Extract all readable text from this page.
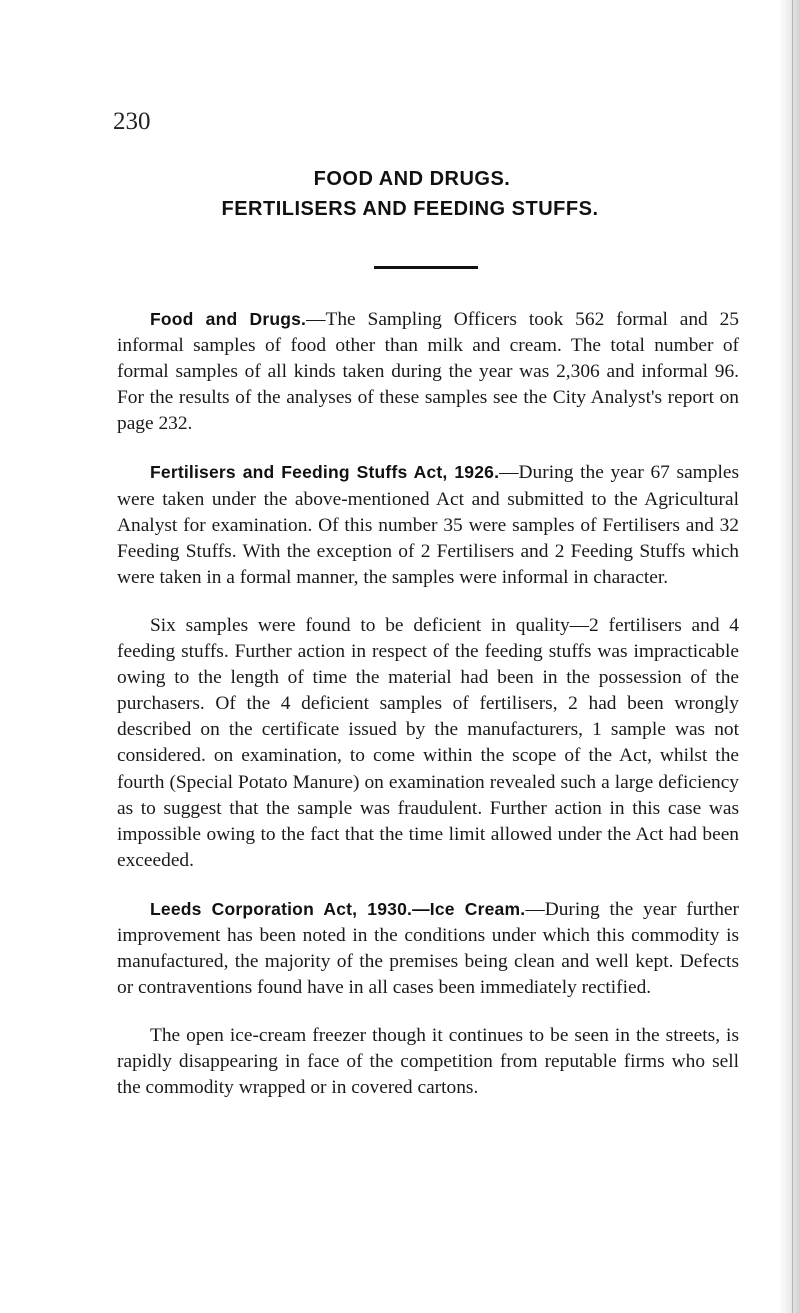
230
FOOD AND DRUGS.
FERTILISERS AND FEEDING STUFFS.

Food and Drugs.—The Sampling Officers took 562 formal and 25 informal samples of food other than milk and cream. The total number of formal samples of all kinds taken during the year was 2,306 and informal 96. For the results of the analyses of these samples see the City Analyst's report on page 232.

Fertilisers and Feeding Stuffs Act, 1926.—During the year 67 samples were taken under the above-mentioned Act and submitted to the Agricultural Analyst for examination. Of this number 35 were samples of Fertilisers and 32 Feeding Stuffs. With the exception of 2 Fertilisers and 2 Feeding Stuffs which were taken in a formal manner, the samples were informal in character.

Six samples were found to be deficient in quality—2 fertilisers and 4 feeding stuffs. Further action in respect of the feeding stuffs was impracticable owing to the length of time the material had been in the possession of the purchasers. Of the 4 deficient samples of fertilisers, 2 had been wrongly described on the certificate issued by the manufacturers, 1 sample was not considered. on examination, to come within the scope of the Act, whilst the fourth (Special Potato Manure) on examination revealed such a large deficiency as to suggest that the sample was fraudulent. Further action in this case was impossible owing to the fact that the time limit allowed under the Act had been exceeded.

Leeds Corporation Act, 1930.—Ice Cream.—During the year further improvement has been noted in the conditions under which this commodity is manufactured, the majority of the premises being clean and well kept. Defects or contraventions found have in all cases been immediately rectified.

The open ice-cream freezer though it continues to be seen in the streets, is rapidly disappearing in face of the competition from reputable firms who sell the commodity wrapped or in covered cartons.
